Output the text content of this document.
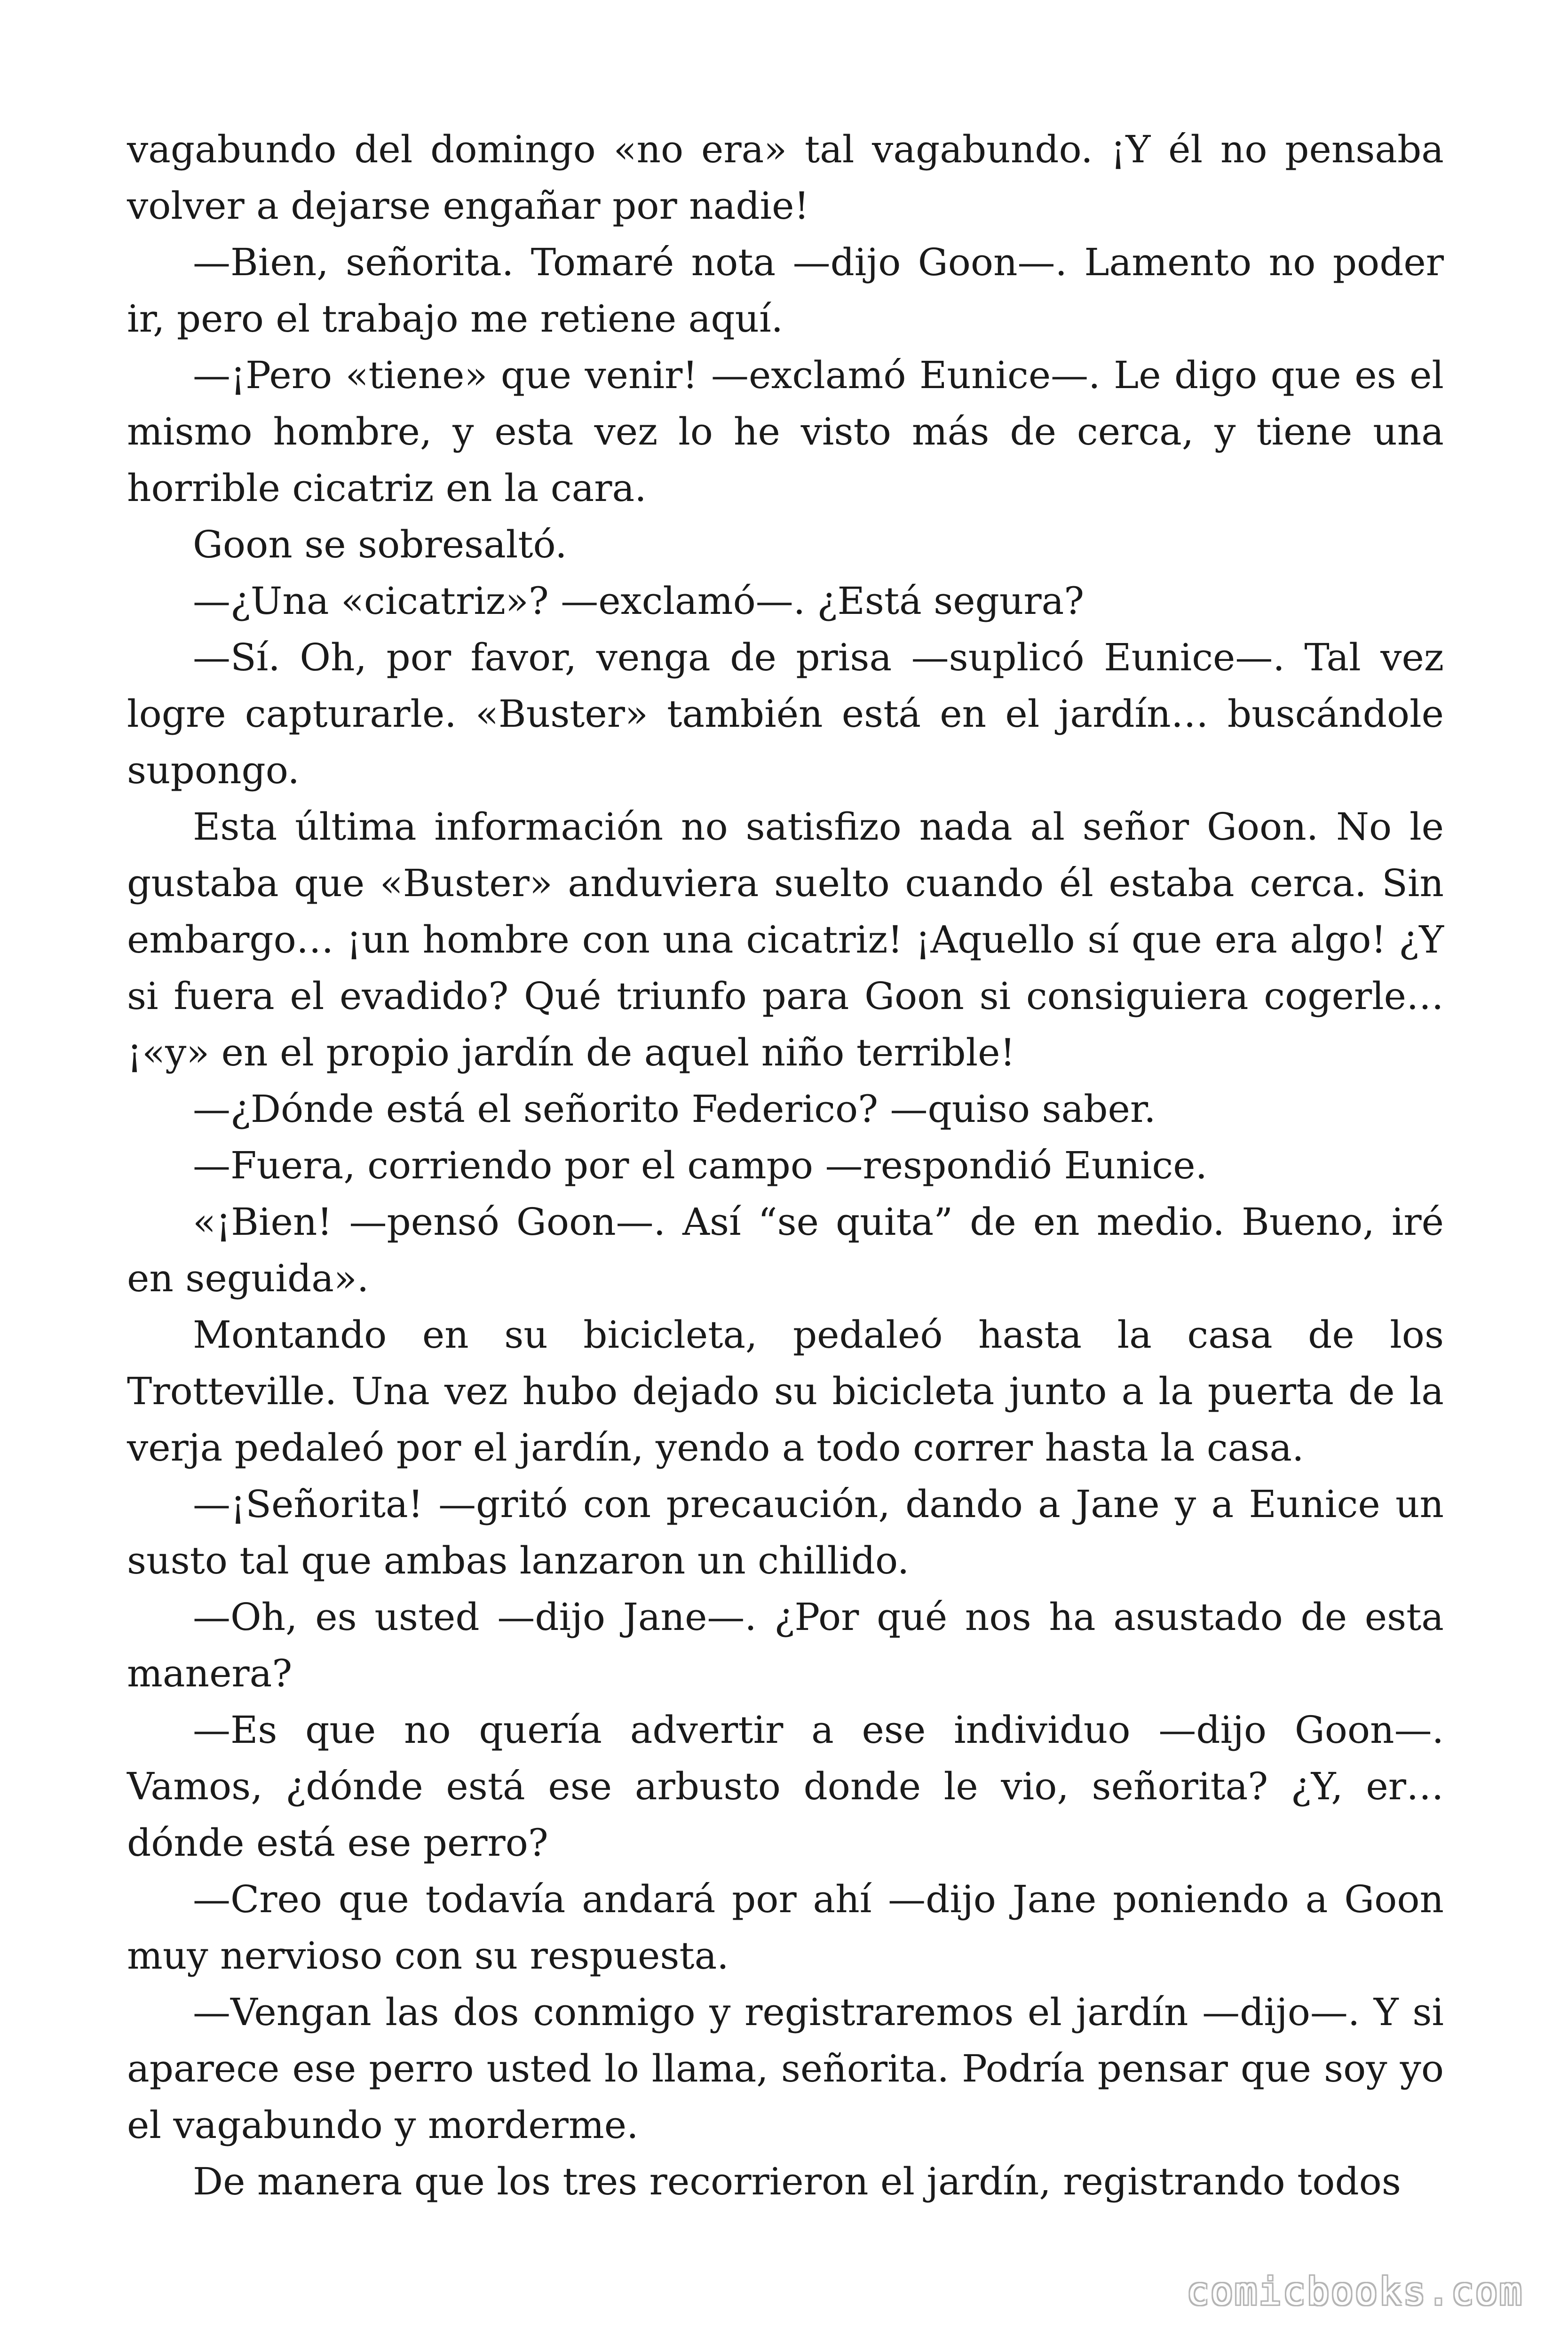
vagabundo del domingo «no era» tal vagabundo. ¡Y él no pensaba volver a dejarse engañar por nadie!

—Bien, señorita. Tomaré nota —dijo Goon—. Lamento no poder ir, pero el trabajo me retiene aquí.

—¡Pero «tiene» que venir! —exclamó Eunice—. Le digo que es el mismo hombre, y esta vez lo he visto más de cerca, y tiene una horrible cicatriz en la cara.

Goon se sobresaltó.

—¿Una «cicatriz»? —exclamó—. ¿Está segura?

—Sí. Oh, por favor, venga de prisa —suplicó Eunice—. Tal vez logre capturarle. «Buster» también está en el jardín… buscándole supongo.

Esta última información no satisfizo nada al señor Goon. No le gustaba que «Buster» anduviera suelto cuando él estaba cerca. Sin embargo… ¡un hombre con una cicatriz! ¡Aquello sí que era algo! ¿Y si fuera el evadido? Qué triunfo para Goon si consiguiera cogerle… ¡«y» en el propio jardín de aquel niño terrible!

—¿Dónde está el señorito Federico? —quiso saber.

—Fuera, corriendo por el campo —respondió Eunice.

«¡Bien! —pensó Goon—. Así “se quita” de en medio. Bueno, iré en seguida».

Montando en su bicicleta, pedaleó hasta la casa de los Trotteville. Una vez hubo dejado su bicicleta junto a la puerta de la verja pedaleó por el jardín, yendo a todo correr hasta la casa.

—¡Señorita! —gritó con precaución, dando a Jane y a Eunice un susto tal que ambas lanzaron un chillido.

—Oh, es usted —dijo Jane—. ¿Por qué nos ha asustado de esta manera?

—Es que no quería advertir a ese individuo —dijo Goon—. Vamos, ¿dónde está ese arbusto donde le vio, señorita? ¿Y, er… dónde está ese perro?

—Creo que todavía andará por ahí —dijo Jane poniendo a Goon muy nervioso con su respuesta.

—Vengan las dos conmigo y registraremos el jardín —dijo—. Y si aparece ese perro usted lo llama, señorita. Podría pensar que soy yo el vagabundo y morderme.

De manera que los tres recorrieron el jardín, registrando todos

comicbooks.com
